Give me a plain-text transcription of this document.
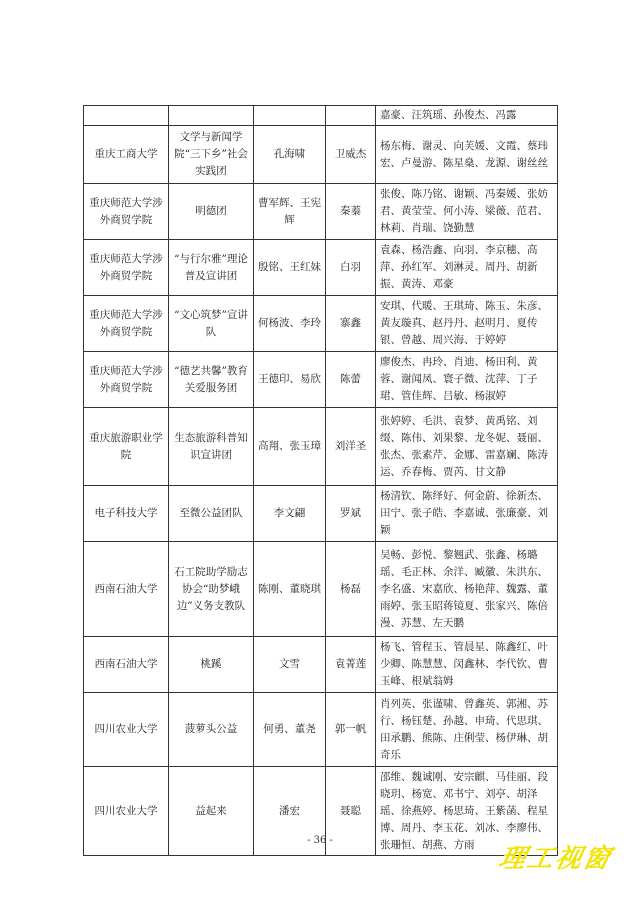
				嘉豪、汪筑瑶、孙俊杰、冯露
重庆工商大学	文学与新闻学院“三下乡”社会实践团	孔海啸	卫威杰	杨东梅、谢灵、向芙媛、文霞、蔡玮宏、卢曼游、陈星燊、龙源、谢丝丝
重庆师范大学涉外商贸学院	明德团	曹军辉、王宪辉	秦蓁	张俊、陈乃铭、谢颖、冯秦媛、张妨君、黄莹莹、何小涛、梁薇、范君、林莉、肖瑞、饶勤慧
重庆师范大学涉外商贸学院	“与行尔雅”理论普及宣讲团	殷铭、王红妹	白羽	袁森、杨浩鑫、向羽、李京穗、高萍、孙红军、刘淋灵、周丹、胡新振、黄涛、邓豪
重庆师范大学涉外商贸学院	“文心筑梦”宣讲队	何杨波、李玲	寨鑫	安琪、代暖、王琪琦、陈玉、朱彦、黄友璇真、赵丹丹、赵明月、夏传银、曾越、周兴海、于婷婷
重庆师范大学涉外商贸学院	“德艺共馨”教育关爱服务团	王德印、易欣	陈蕾	廖俊杰、冉玲、肖迪、杨田利、黄蓉、谢闻凤、寰子微、沈萍、丁子珺、管佳辉、吕敏、杨淑婷
重庆旅游职业学院	生态旅游科普知识宣讲团	高翔、张玉璋	刘洋圣	张婷婷、毛洪、袁梦、黄禹铭、刘缀、陈伟、刘果黎、龙冬妮、聂丽、张杰、张素芹、金娜、雷嘉斓、陈涛运、乔春梅、贾芮、甘文静
电子科技大学	至微公益团队	李文翩	罗斌	杨清钦、陈绎好、何金蔚、徐新杰、田宁、张子皓、李嘉诚、张廉豪、刘颖
西南石油大学	石工院助学励志协会“助梦峨边”义务支教队	陈刚、董晓琪	杨磊	吴畅、彭悦、黎翘武、张鑫、杨璐瑶、毛正林、余洋、臧徽、朱洪东、李名盛、宋嘉欣、杨艳萍、魏露、董雨婷、张玉昭蒋镜夏、张家兴、陈倍漫、苏慧、左天鹏
西南石油大学	桃蹊	文雪	袁菁莲	杨飞、管程玉、管晨星、陈鑫红、叶少卿、陈慧慧、闵鑫林、李代钦、曹玉峰、根斌翁姆
四川农业大学	菠萝头公益	何勇、董尧	郭一帆	肖列英、张谨啸、曾鑫英、郭湘、苏行、杨钰楚、孙越、申琦、代思琪、田承鹏、熊陈、庄俐莹、杨伊琳、胡奇乐
四川农业大学	益起来	潘宏	聂聪	邵维、魏诚刚、安宗麒、马佳丽、段晓玥、杨宽、邓书宁、刘亭、胡泽瑶、徐燕婷、杨思琦、王紫菡、程星博、周丹、李玉花、刘冰、李廖伟、张珊恒、胡燕、方雨
- 36 -
理工视窗
